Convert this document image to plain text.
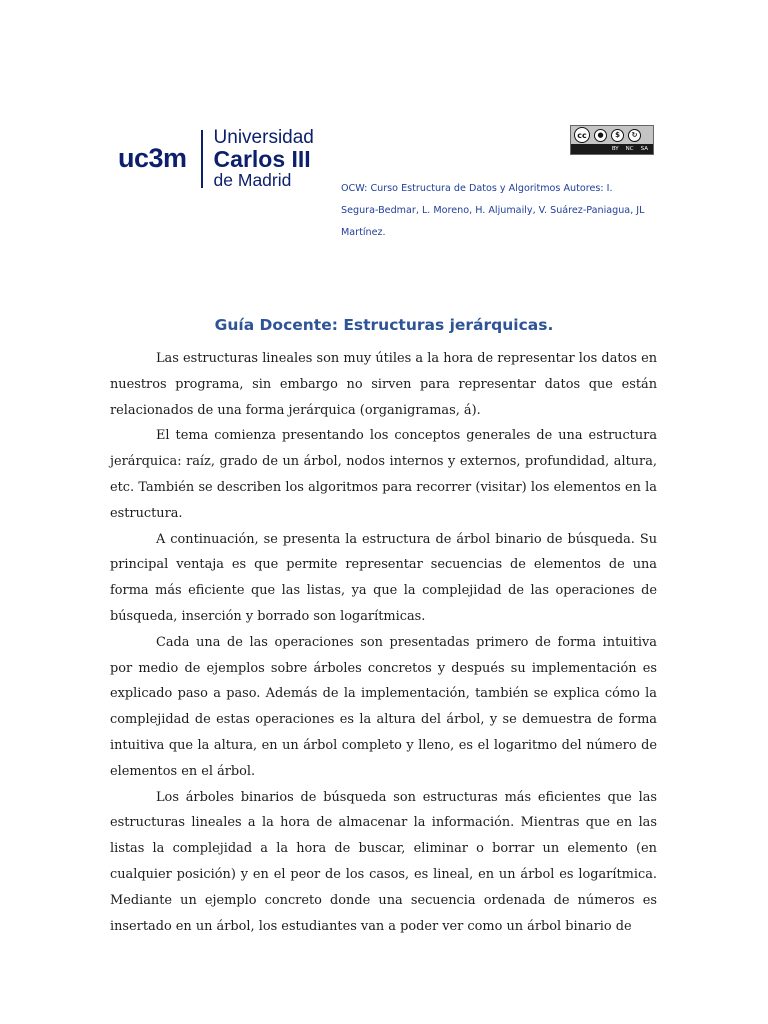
uc3m
Universidad
Carlos III
de Madrid
cc	●	$	↻
BY NC SA
OCW: Curso Estructura de Datos y Algoritmos Autores: I. Segura-Bedmar, L. Moreno, H. Aljumaily, V. Suárez-Paniagua, JL Martínez.
Guía Docente: Estructuras jerárquicas.

Las estructuras lineales son muy útiles a la hora de representar los datos en nuestros programa, sin embargo no sirven para representar datos que están relacionados de una forma jerárquica (organigramas, á).

El tema comienza presentando los conceptos generales de una estructura jerárquica: raíz, grado de un árbol, nodos internos y externos, profundidad, altura, etc. También se describen los algoritmos para recorrer (visitar) los elementos en la estructura.

A continuación, se presenta la estructura de árbol binario de búsqueda. Su principal ventaja es que permite representar secuencias de elementos de una forma más eficiente que las listas, ya que la complejidad de las operaciones de búsqueda, inserción y borrado son logarítmicas.

Cada una de las operaciones son presentadas primero de forma intuitiva por medio de ejemplos sobre árboles concretos y después su implementación es explicado paso a paso. Además de la implementación, también se explica cómo la complejidad de estas operaciones es la altura del árbol, y se demuestra de forma intuitiva que la altura, en un árbol completo y lleno, es el logaritmo del número de elementos en el árbol.

Los árboles binarios de búsqueda son estructuras más eficientes que las estructuras lineales a la hora de almacenar la información. Mientras que en las listas la complejidad a la hora de buscar, eliminar o borrar un elemento (en cualquier posición) y en el peor de los casos, es lineal, en un árbol es logarítmica. Mediante un ejemplo concreto donde una secuencia ordenada de números es insertado en un árbol, los estudiantes van a poder ver como un árbol binario de
